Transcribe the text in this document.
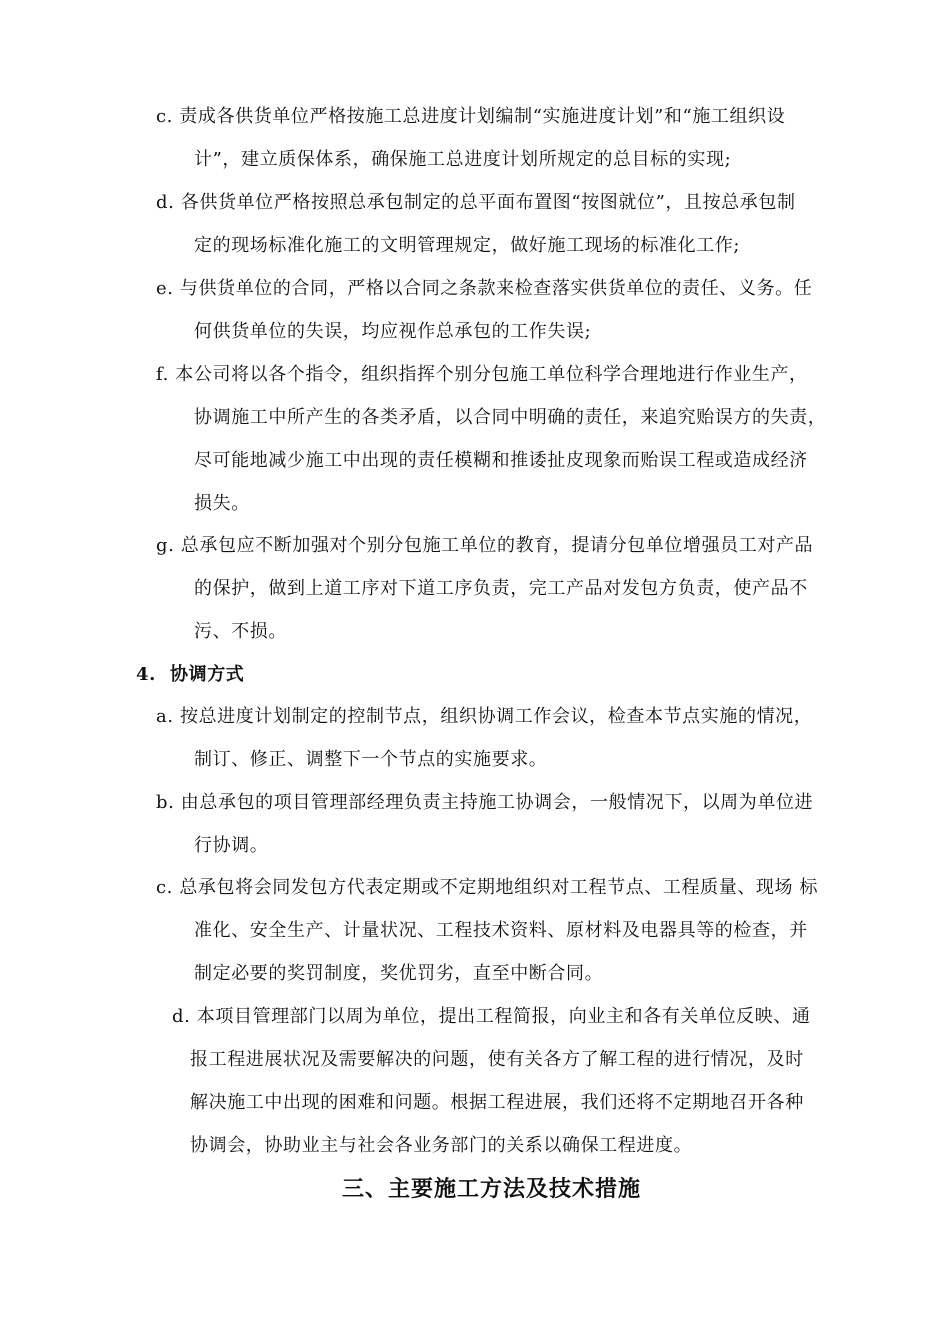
c. 责成各供货单位严格按施工总进度计划编制“实施进度计划”和“施工组织设
计”，建立质保体系，确保施工总进度计划所规定的总目标的实现;
d. 各供货单位严格按照总承包制定的总平面布置图“按图就位”，且按总承包制
定的现场标准化施工的文明管理规定，做好施工现场的标准化工作;
e. 与供货单位的合同，严格以合同之条款来检查落实供货单位的责任、义务。任
何供货单位的失误，均应视作总承包的工作失误;
f. 本公司将以各个指令，组织指挥个别分包施工单位科学合理地进行作业生产，
协调施工中所产生的各类矛盾，以合同中明确的责任，来追究贻误方的失责，
尽可能地减少施工中出现的责任模糊和推诿扯皮现象而贻误工程或造成经济
损失。
g. 总承包应不断加强对个别分包施工单位的教育，提请分包单位增强员工对产品
的保护，做到上道工序对下道工序负责，完工产品对发包方负责，使产品不
污、不损。
4. 协调方式
a. 按总进度计划制定的控制节点，组织协调工作会议，检查本节点实施的情况，
制订、修正、调整下一个节点的实施要求。
b. 由总承包的项目管理部经理负责主持施工协调会，一般情况下，以周为单位进
行协调。
c. 总承包将会同发包方代表定期或不定期地组织对工程节点、工程质量、现场 标
准化、安全生产、计量状况、工程技术资料、原材料及电器具等的检查，并
制定必要的奖罚制度，奖优罚劣，直至中断合同。
d. 本项目管理部门以周为单位，提出工程简报，向业主和各有关单位反映、通
报工程进展状况及需要解决的问题，使有关各方了解工程的进行情况，及时
解决施工中出现的困难和问题。根据工程进展，我们还将不定期地召开各种
协调会，协助业主与社会各业务部门的关系以确保工程进度。
三、主要施工方法及技术措施
